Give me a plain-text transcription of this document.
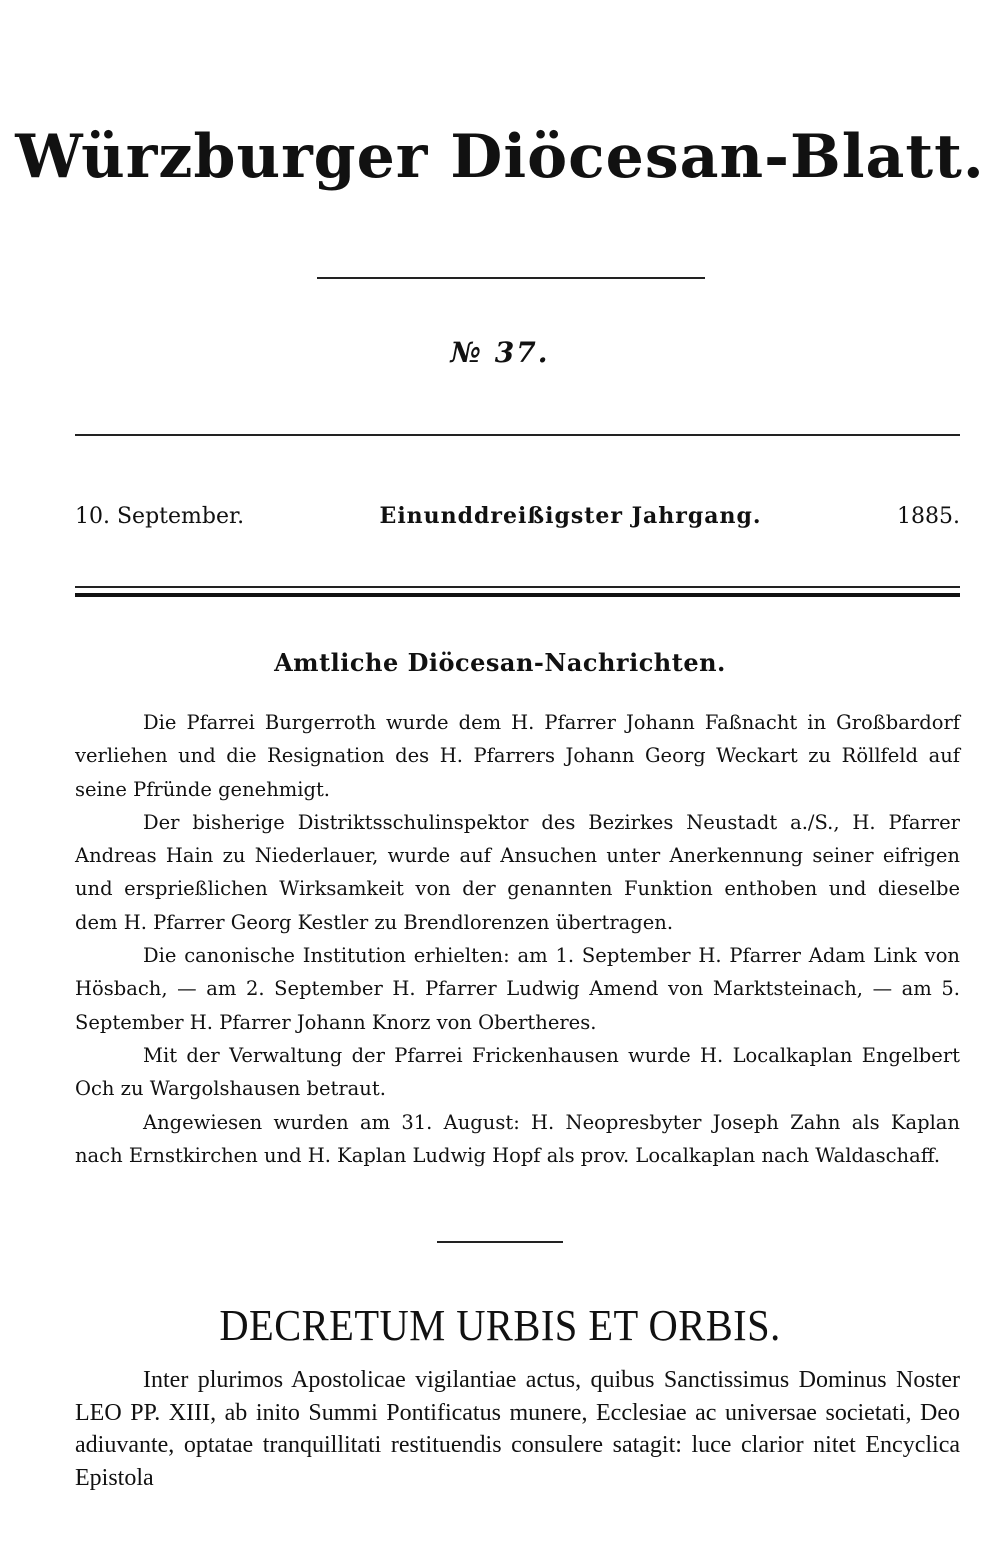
Würzburger Diöcesan-Blatt.
№ 37.
10. September.	Einunddreißigster Jahrgang.	1885.
Amtliche Diöcesan-Nachrichten.

Die Pfarrei Burgerroth wurde dem H. Pfarrer Johann Faßnacht in Großbardorf verliehen und die Resignation des H. Pfarrers Johann Georg Weckart zu Röllfeld auf seine Pfründe genehmigt.

Der bisherige Distriktsschulinspektor des Bezirkes Neustadt a./S., H. Pfarrer Andreas Hain zu Niederlauer, wurde auf Ansuchen unter Anerkennung seiner eifrigen und ersprießlichen Wirksamkeit von der genannten Funktion enthoben und dieselbe dem H. Pfarrer Georg Kestler zu Brendlorenzen übertragen.

Die canonische Institution erhielten: am 1. September H. Pfarrer Adam Link von Hösbach, — am 2. September H. Pfarrer Ludwig Amend von Marktsteinach, — am 5. September H. Pfarrer Johann Knorz von Obertheres.

Mit der Verwaltung der Pfarrei Frickenhausen wurde H. Localkaplan Engelbert Och zu Wargolshausen betraut.

Angewiesen wurden am 31. August: H. Neopresbyter Joseph Zahn als Kaplan nach Ernstkirchen und H. Kaplan Ludwig Hopf als prov. Localkaplan nach Waldaschaff.

DECRETUM URBIS ET ORBIS.

Inter plurimos Apostolicae vigilantiae actus, quibus Sanctissimus Dominus Noster LEO PP. XIII, ab inito Summi Pontificatus munere, Ecclesiae ac universae societati, Deo adiuvante, optatae tranquillitati restituendis consulere satagit: luce clarior nitet Encyclica Epistola
